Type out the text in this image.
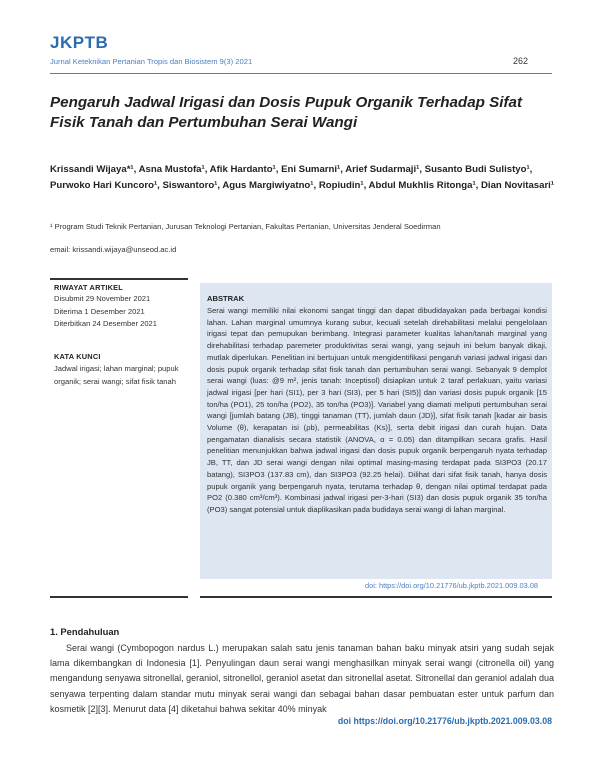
JKPTB
Jurnal Keteknikan Pertanian Tropis dan Biosistem 9(3) 2021	262
Pengaruh Jadwal Irigasi dan Dosis Pupuk Organik Terhadap Sifat Fisik Tanah dan Pertumbuhan Serai Wangi
Krissandi Wijaya*¹, Asna Mustofa¹, Afik Hardanto¹, Eni Sumarni¹, Arief Sudarmaji¹, Susanto Budi Sulistyo¹, Purwoko Hari Kuncoro¹, Siswantoro¹, Agus Margiwiyatno¹, Ropiudin¹, Abdul Mukhlis Ritonga¹, Dian Novitasari¹
¹ Program Studi Teknik Pertanian, Jurusan Teknologi Pertanian, Fakultas Pertanian, Universitas Jenderal Soedirman
email: krissandi.wijaya@unseod.ac.id
RIWAYAT ARTIKEL
Disubmit 29 November 2021
Diterima 1 Desember 2021
Diterbitkan 24 Desember 2021
KATA KUNCI
Jadwal irigasi; lahan marginal; pupuk organik; serai wangi; sifat fisik tanah
ABSTRAK
Serai wangi memiliki nilai ekonomi sangat tinggi dan dapat dibudidayakan pada berbagai kondisi lahan. Lahan marginal umumnya kurang subur, kecuali setelah direhabilitasi melalui pengelolaan irigasi tepat dan pemupukan berimbang. Integrasi parameter kualitas lahan/tanah marginal yang direhabilitasi terhadap paremeter produktivitas serai wangi, yang sejauh ini belum banyak dikaji, mutlak diperlukan. Penelitian ini bertujuan untuk mengidentifikasi pengaruh variasi jadwal irigasi dan dosis pupuk organik terhadap sifat fisik tanah dan pertumbuhan serai wangi. Sebanyak 9 demplot serai wangi (luas: @9 m², jenis tanah: Inceptisol) disiapkan untuk 2 taraf perlakuan, yaitu variasi jadwal irigasi [per hari (SI1), per 3 hari (SI3), per 5 hari (SI5)] dan variasi dosis pupuk organik [15 ton/ha (PO1), 25 ton/ha (PO2), 35 ton/ha (PO3)]. Variabel yang diamati meliputi pertumbuhan serai wangi [jumlah batang (JB), tinggi tanaman (TT), jumlah daun (JD)], sifat fisik tanah [kadar air basis Volume (θ), kerapatan isi (ρb), permeabilitas (Ks)], serta debit irigasi dan curah hujan. Data pengamatan dianalisis secara statistik (ANOVA, α = 0.05) dan ditampilkan secara grafis. Hasil penelitian menunjukkan bahwa jadwal irigasi dan dosis pupuk organik berpengaruh nyata terhadap JB, TT, dan JD serai wangi dengan nilai optimal masing-masing terdapat pada SI3PO3 (20.17 batang), SI3PO3 (137.83 cm), dan SI3PO3 (92.25 helai). Dilihat dari sifat fisik tanah, hanya dosis pupuk organik yang berpengaruh nyata, terutama terhadap θ, dengan nilai optimal terdapat pada PO2 (0.380 cm³/cm³). Kombinasi jadwal irigasi per-3-hari (SI3) dan dosis pupuk organik 35 ton/ha (PO3) sangat potensial untuk diaplikasikan pada budidaya serai wangi di lahan marginal.
doi: https://doi.org/10.21776/ub.jkptb.2021.009.03.08
1. Pendahuluan
Serai wangi (Cymbopogon nardus L.) merupakan salah satu jenis tanaman bahan baku minyak atsiri yang sudah sejak lama dikembangkan di Indonesia [1]. Penyulingan daun serai wangi menghasilkan minyak serai wangi (citronella oil) yang mengandung senyawa sitronellal, geraniol, sitronellol, geraniol asetat dan sitronellal asetat. Sitronellal dan geraniol adalah dua senyawa terpenting dalam standar mutu minyak serai wangi dan sebagai bahan dasar pembuatan ester untuk parfum dan kosmetik [2][3]. Menurut data [4] diketahui bahwa sekitar 40% minyak
doi https://doi.org/10.21776/ub.jkptb.2021.009.03.08
